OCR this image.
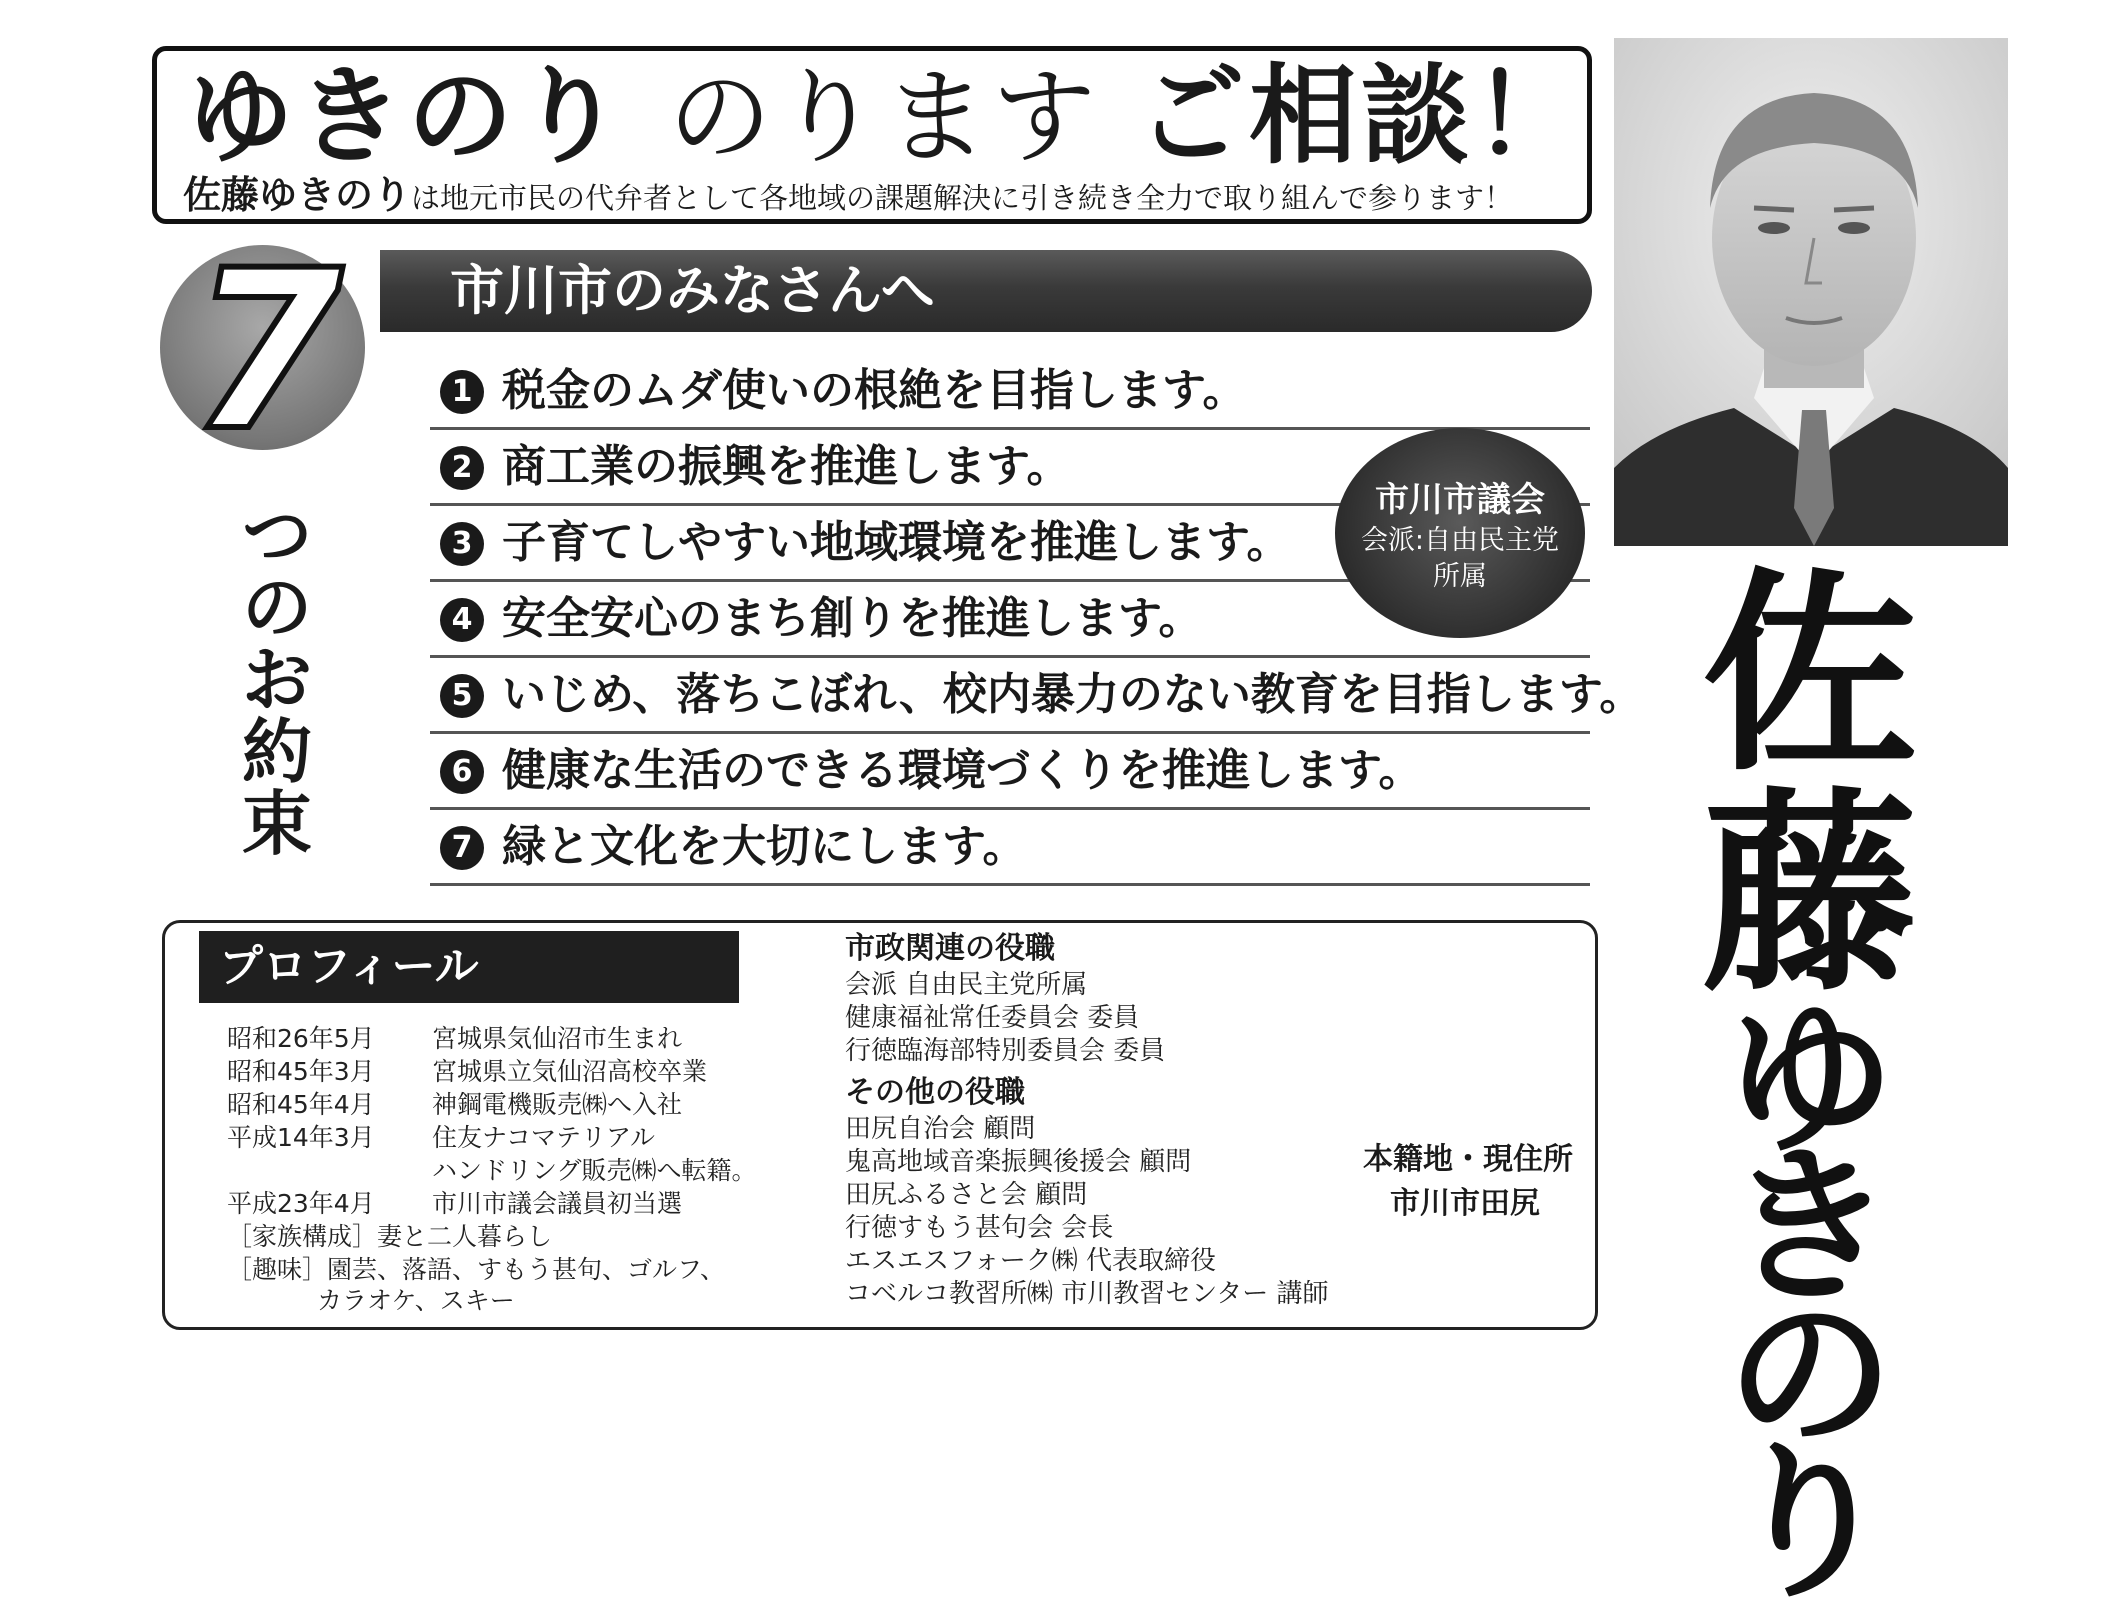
ゆきのり のります ご相談！
佐藤ゆきのりは地元市民の代弁者として各地域の課題解決に引き続き全力で取り組んで参ります！
7
つ
の
お
約
束
市川市のみなさんへ
1 税金のムダ使いの根絶を目指します。
2 商工業の振興を推進します。
3 子育てしやすい地域環境を推進します。
4 安全安心のまち創りを推進します。
5 いじめ、落ちこぼれ、校内暴力のない教育を目指します。
6 健康な生活のできる環境づくりを推進します。
7 緑と文化を大切にします。
市川市議会
会派:自由民主党
所属	佐
藤
ゆ
き
の
り
プロフィール
昭和26年5月 宮城県気仙沼市生まれ
昭和45年3月 宮城県立気仙沼高校卒業
昭和45年4月 神鋼電機販売㈱へ入社
平成14年3月 住友ナコマテリアル
ハンドリング販売㈱へ転籍。
平成23年4月 市川市議会議員初当選
［家族構成］妻と二人暮らし
［趣味］園芸、落語、すもう甚句、ゴルフ、
カラオケ、スキー
市政関連の役職
会派 自由民主党所属
健康福祉常任委員会 委員
行徳臨海部特別委員会 委員
その他の役職
田尻自治会 顧問
鬼高地域音楽振興後援会 顧問
田尻ふるさと会 顧問
行徳すもう甚句会 会長
エスエスフォーク㈱ 代表取締役
コベルコ教習所㈱ 市川教習センター 講師
本籍地・現住所
市川市田尻
